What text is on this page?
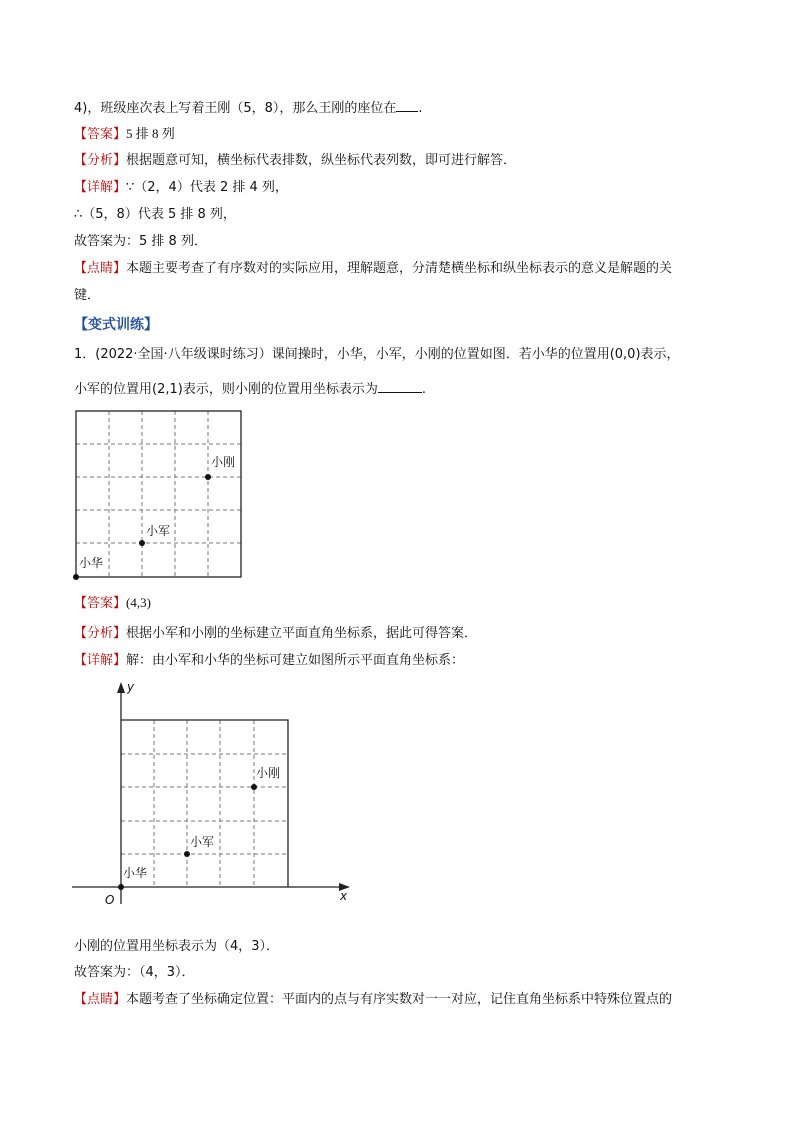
4)，班级座次表上写着王刚（5，8），那么王刚的座位在 .
【答案】5 排 8 列
【分析】根据题意可知，横坐标代表排数，纵坐标代表列数，即可进行解答．
【详解】∵（2，4）代表 2 排 4 列，
∴（5，8）代表 5 排 8 列，
故答案为：5 排 8 列．
【点睛】本题主要考查了有序数对的实际应用，理解题意，分清楚横坐标和纵坐标表示的意义是解题的关
键．
【变式训练】
1．(2022·全国·八年级课时练习）课间操时，小华，小军，小刚的位置如图．若小华的位置用(0,0)表示，
小军的位置用(2,1)表示，则小刚的位置用坐标表示为	.
小刚
小军
小华
【答案】(4,3)
【分析】根据小军和小刚的坐标建立平面直角坐标系，据此可得答案．
【详解】解：由小军和小华的坐标可建立如图所示平面直角坐标系：
y
x
O
小刚
小军
小华
小刚的位置用坐标表示为（4，3）．
故答案为：（4，3）．
【点睛】本题考查了坐标确定位置：平面内的点与有序实数对一一对应，记住直角坐标系中特殊位置点的
